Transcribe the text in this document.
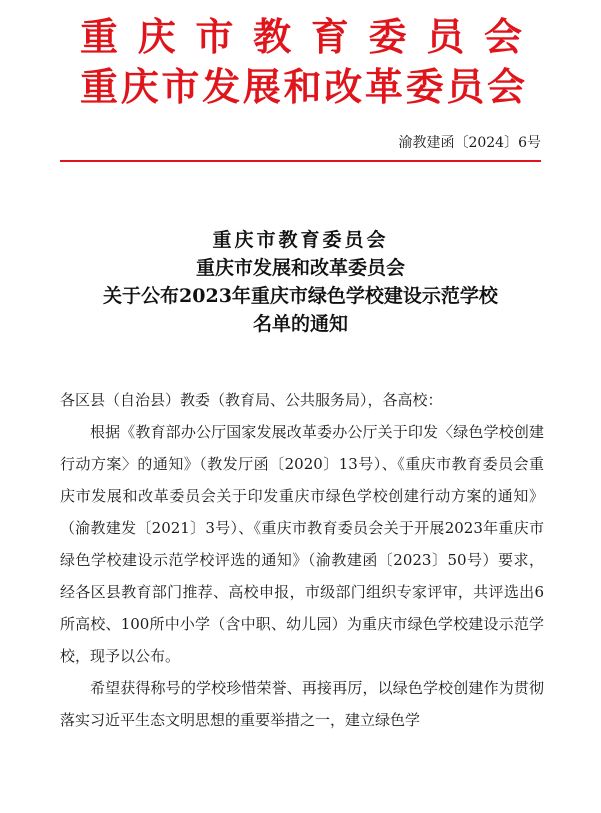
重庆市教育委员会
重庆市发展和改革委员会
渝教建函〔2024〕6号
重庆市教育委员会
重庆市发展和改革委员会
关于公布2023年重庆市绿色学校建设示范学校
名单的通知

各区县（自治县）教委（教育局、公共服务局），各高校：

根据《教育部办公厅国家发展改革委办公厅关于印发〈绿色学校创建行动方案〉的通知》（教发厅函〔2020〕13号）、《重庆市教育委员会重庆市发展和改革委员会关于印发重庆市绿色学校创建行动方案的通知》（渝教建发〔2021〕3号）、《重庆市教育委员会关于开展2023年重庆市绿色学校建设示范学校评选的通知》（渝教建函〔2023〕50号）要求，经各区县教育部门推荐、高校申报，市级部门组织专家评审，共评选出6所高校、100所中小学（含中职、幼儿园）为重庆市绿色学校建设示范学校，现予以公布。

希望获得称号的学校珍惜荣誉、再接再厉，以绿色学校创建作为贯彻落实习近平生态文明思想的重要举措之一，建立绿色学
